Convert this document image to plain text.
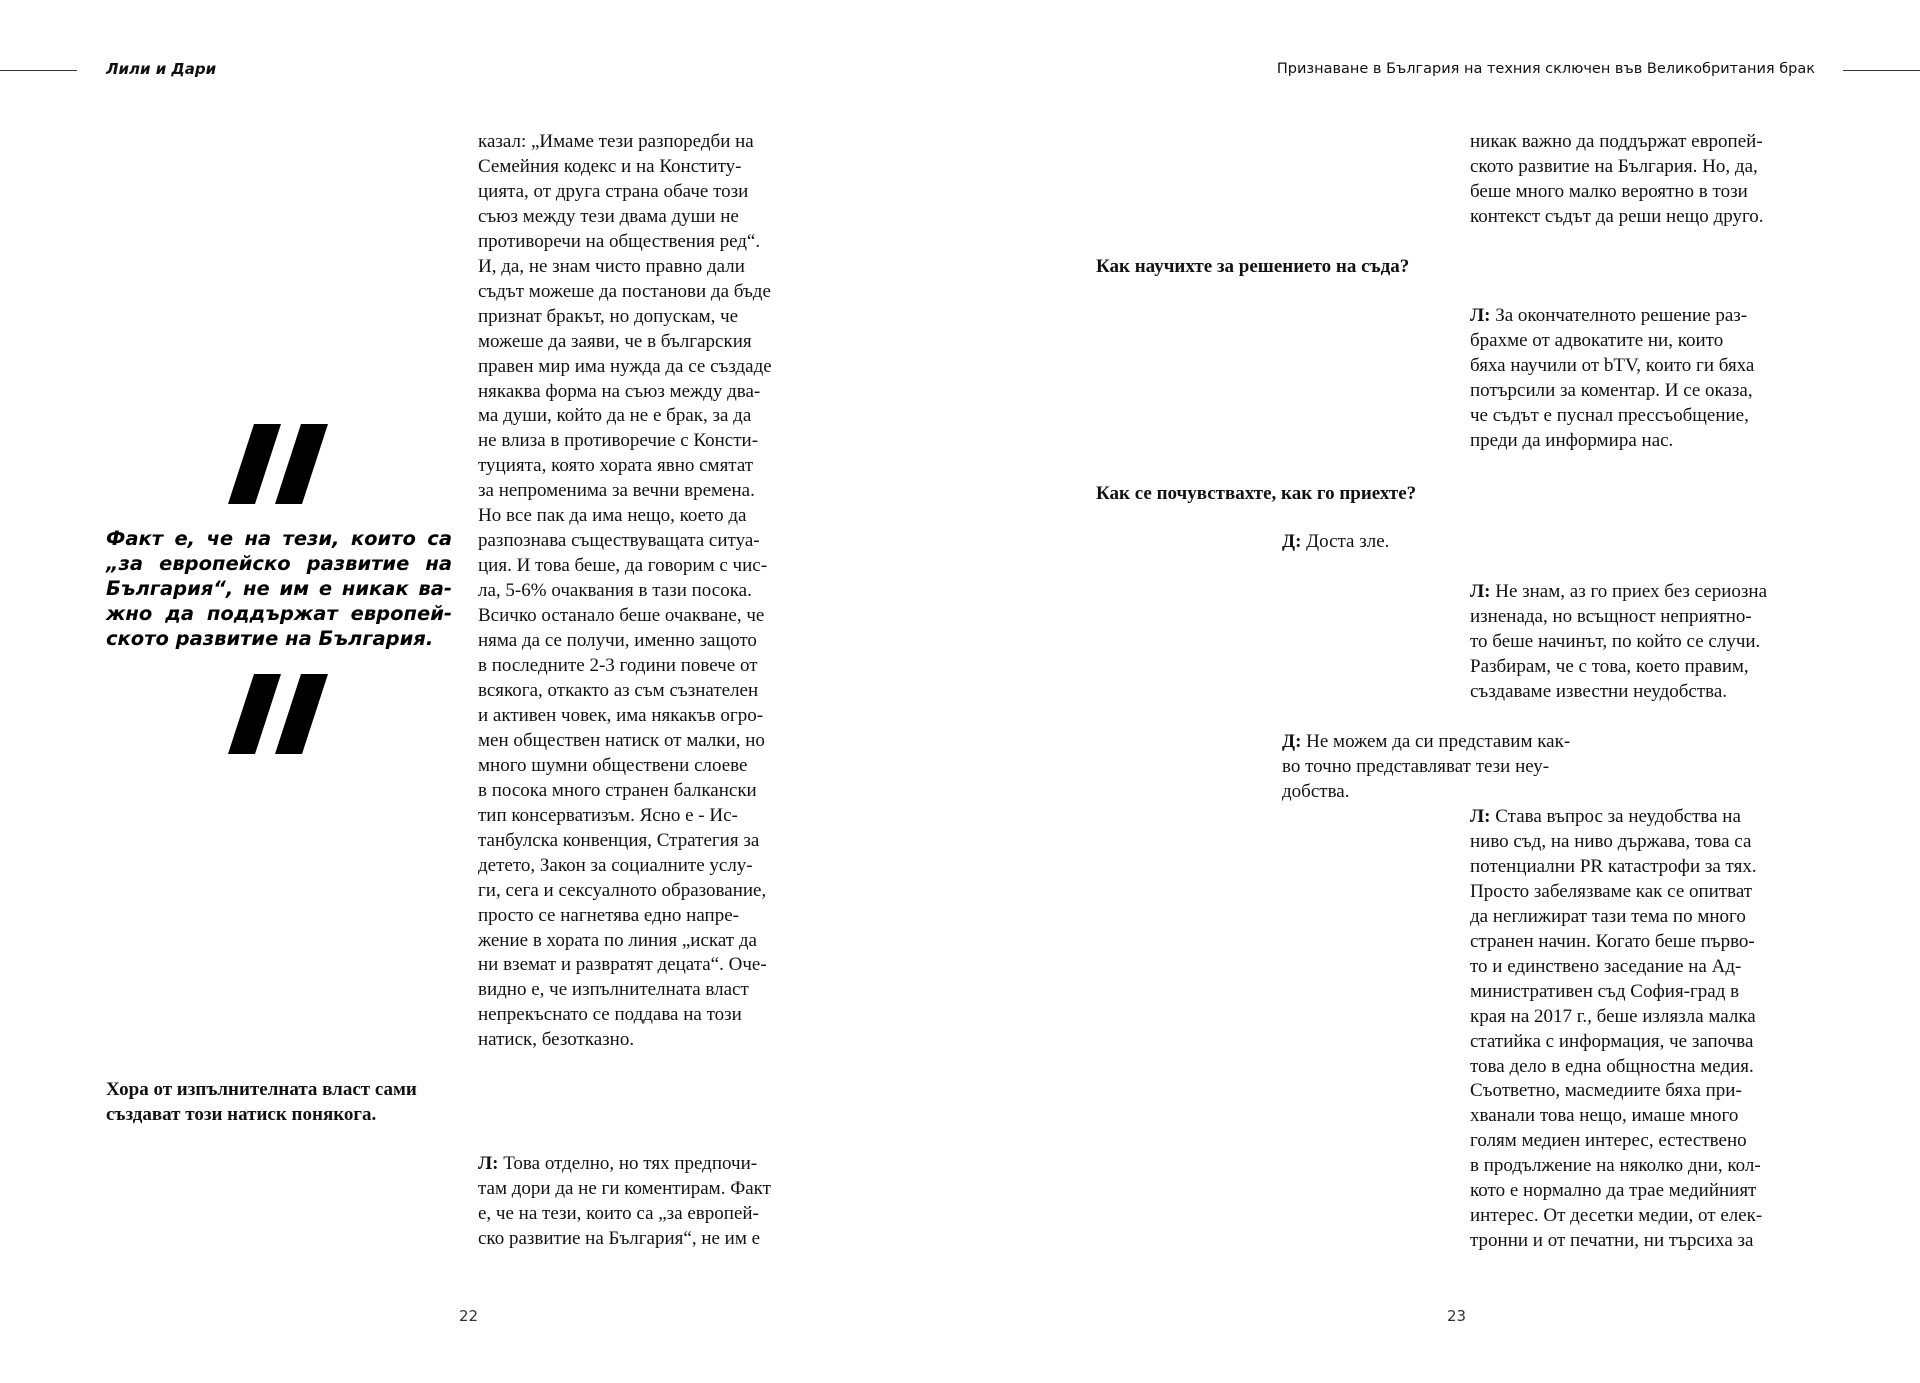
Лили и Дари	Признаване в България на техния сключен във Великобритания брак
казал: „Имаме тези разпоредби на
Семейния кодекс и на Конститу-
цията, от друга страна обаче този
съюз между тези двама души не
противоречи на обществения ред“.
И, да, не знам чисто правно дали
съдът можеше да постанови да бъде
признат бракът, но допускам, че
можеше да заяви, че в българския
правен мир има нужда да се създаде
някаква форма на съюз между два-
ма души, който да не е брак, за да
не влиза в противоречие с Консти-
туцията, която хората явно смятат
за непроменима за вечни времена.
Но все пак да има нещо, което да
разпознава съществуващата ситуа-
ция. И това беше, да говорим с чис-
ла, 5-6% очаквания в тази посока.
Всичко останало беше очакване, че
няма да се получи, именно защото
в последните 2-3 години повече от
всякога, откакто аз съм съзнателен
и активен човек, има някакъв огро-
мен обществен натиск от малки, но
много шумни обществени слоеве
в посока много странен балкански
тип консерватизъм. Ясно е - Ис-
танбулска конвенция, Стратегия за
детето, Закон за социалните услу-
ги, сега и сексуалното образование,
просто се нагнетява едно напре-
жение в хората по линия „искат да
ни вземат и развратят децата“. Оче-
видно е, че изпълнителната власт
непрекъснато се поддава на този
натиск, безотказно.
Факт е, че на тези, които са „за европейско развитие на България“, не им е никак ва-жно да поддържат европей-ското развитие на България.
Хора от изпълнителната власт сами създават този натиск понякога.
Л: Това отделно, но тях предпочи-
там дори да не ги коментирам. Факт
е, че на тези, които са „за европей-
ско развитие на България“, не им е
22
никак важно да поддържат европей-
ското развитие на България. Но, да,
беше много малко вероятно в този
контекст съдът да реши нещо друго.
Как научихте за решението на съда?
Л: За окончателното решение раз-
брахме от адвокатите ни, които
бяха научили от bTV, които ги бяха
потърсили за коментар. И се оказа,
че съдът е пуснал прессъобщение,
преди да информира нас.
Как се почувствахте, как го приехте?
Д: Доста зле.
Л: Не знам, аз го приех без сериозна
изненада, но всъщност неприятно-
то беше начинът, по който се случи.
Разбирам, че с това, което правим,
създаваме известни неудобства.
Д: Не можем да си представим как-
во точно представляват тези неу-
добства.
Л: Става въпрос за неудобства на
ниво съд, на ниво държава, това са
потенциални PR катастрофи за тях.
Просто забелязваме как се опитват
да неглижират тази тема по много
странен начин. Когато беше първо-
то и единствено заседание на Ад-
министративен съд София-град в
края на 2017 г., беше излязла малка
статийка с информация, че започва
това дело в една общностна медия.
Съответно, масмедиите бяха при-
хванали това нещо, имаше много
голям медиен интерес, естествено
в продължение на няколко дни, кол-
кото е нормално да трае медийният
интерес. От десетки медии, от елек-
тронни и от печатни, ни търсиха за
23
